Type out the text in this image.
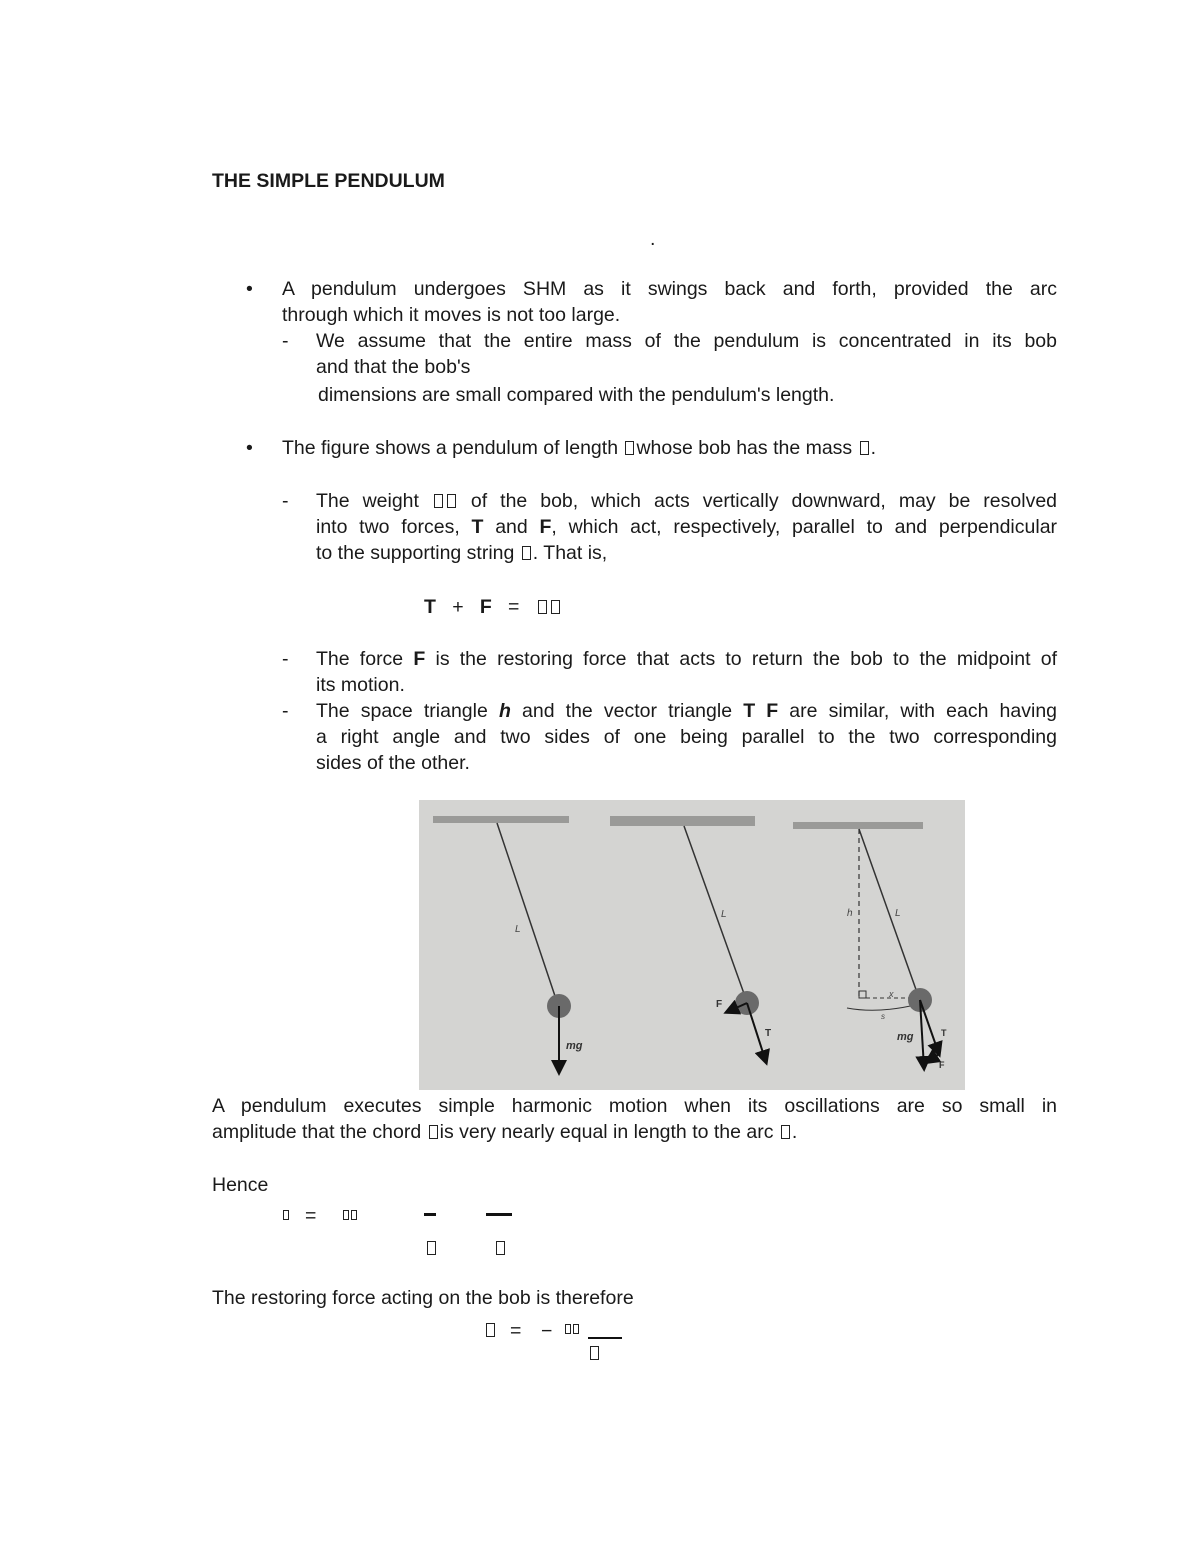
THE SIMPLE PENDULUM
.
• A pendulum undergoes SHM as it swings back and forth, provided the arc
through which it moves is not too large.
- We assume that the entire mass of the pendulum is concentrated in its bob
and that the bob's
dimensions are small compared with the pendulum's length.
• The figure shows a pendulum of length whose bob has the mass .
- The weight	of the bob, which acts vertically downward, may be resolved
into two forces, T and F, which act, respectively, parallel to and perpendicular
to the supporting string . That is,
T + F =
- The force F is the restoring force that acts to return the bob to the midpoint of
its motion.
- The space triangle h and the vector triangle T F are similar, with each having
a right angle and two sides of one being parallel to the two corresponding
sides of the other.
L
mg
L
T
F
h	L
x
s
mg	T
F
A pendulum executes simple harmonic motion when its oscillations are so small in
amplitude that the chord is very nearly equal in length to the arc .
Hence
=
The restoring force acting on the bob is therefore
= −
